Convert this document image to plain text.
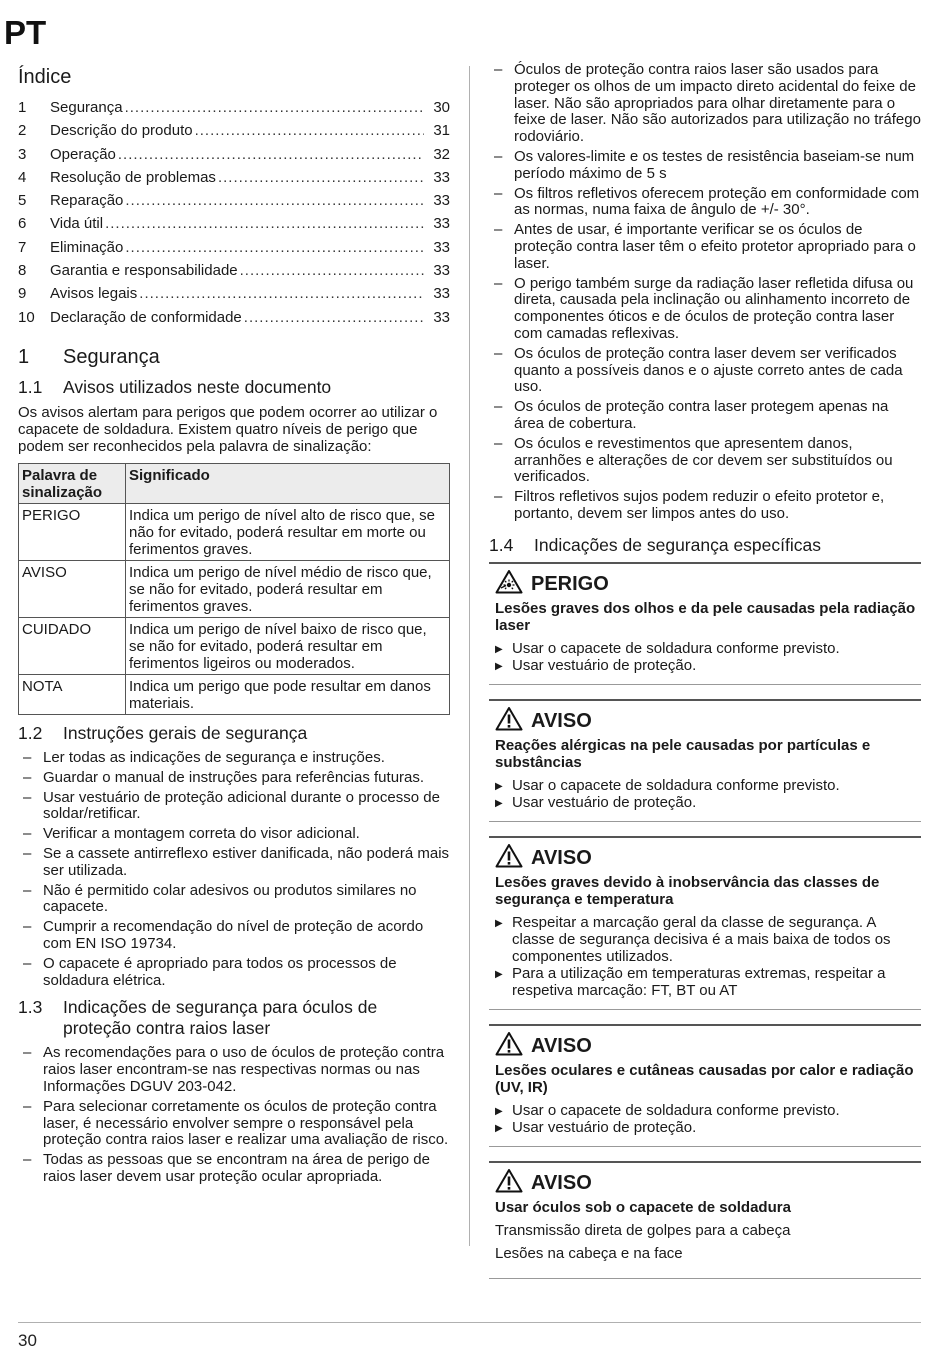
PT
Índice
1	Segurança .....	30
2	Descrição do produto .....	31
3	Operação .....	32
4	Resolução de problemas .....	33
5	Reparação .....	33
6	Vida útil .....	33
7	Eliminação .....	33
8	Garantia e responsabilidade .....	33
9	Avisos legais .....	33
10	Declaração de conformidade .....	33
1	Segurança
1.1	Avisos utilizados neste documento

Os avisos alertam para perigos que podem ocorrer ao utilizar o capacete de soldadura. Existem quatro níveis de perigo que podem ser reconhecidos pela palavra de sinalização:

Palavra de sinalização	Significado
PERIGO	Indica um perigo de nível alto de risco que, se não for evitado, poderá resultar em morte ou ferimentos graves.
AVISO	Indica um perigo de nível médio de risco que, se não for evitado, poderá resultar em ferimentos graves.
CUIDADO	Indica um perigo de nível baixo de risco que, se não for evitado, poderá resultar em ferimentos ligeiros ou moderados.
NOTA	Indica um perigo que pode resultar em danos materiais.
1.2	Instruções gerais de segurança
– Ler todas as indicações de segurança e instruções.
– Guardar o manual de instruções para referências futuras.
– Usar vestuário de proteção adicional durante o processo de soldar/retificar.
– Verificar a montagem correta do visor adicional.
– Se a cassete antirreflexo estiver danificada, não poderá mais ser utilizada.
– Não é permitido colar adesivos ou produtos similares no capacete.
– Cumprir a recomendação do nível de proteção de acordo com EN ISO 19734.
– O capacete é apropriado para todos os processos de soldadura elétrica.
1.3	Indicações de segurança para óculos de proteção contra raios laser
– As recomendações para o uso de óculos de proteção contra raios laser encontram-se nas respectivas normas ou nas Informações DGUV 203-042.
– Para selecionar corretamente os óculos de proteção contra laser, é necessário envolver sempre o responsável pela proteção contra raios laser e realizar uma avaliação de risco.
– Todas as pessoas que se encontram na área de perigo de raios laser devem usar proteção ocular apropriada.
– Óculos de proteção contra raios laser são usados para proteger os olhos de um impacto direto acidental do feixe de laser. Não são apropriados para olhar diretamente para o feixe de laser. Não são autorizados para utilização no tráfego rodoviário.
– Os valores-limite e os testes de resistência baseiam-se num período máximo de 5 s
– Os filtros refletivos oferecem proteção em conformidade com as normas, numa faixa de ângulo de +/- 30°.
– Antes de usar, é importante verificar se os óculos de proteção contra laser têm o efeito protetor apropriado para o laser.
– O perigo também surge da radiação laser refletida difusa ou direta, causada pela inclinação ou alinhamento incorreto de componentes óticos e de óculos de proteção contra laser com camadas reflexivas.
– Os óculos de proteção contra laser devem ser verificados quanto a possíveis danos e o ajuste correto antes de cada uso.
– Os óculos de proteção contra laser protegem apenas na área de cobertura.
– Os óculos e revestimentos que apresentem danos, arranhões e alterações de cor devem ser substituídos ou verificados.
– Filtros refletivos sujos podem reduzir o efeito protetor e, portanto, devem ser limpos antes do uso.
1.4	Indicações de segurança específicas
PERIGO
Lesões graves dos olhos e da pele causadas pela radiação laser
▶ Usar o capacete de soldadura conforme previsto.
▶ Usar vestuário de proteção.
AVISO
Reações alérgicas na pele causadas por partículas e substâncias
▶ Usar o capacete de soldadura conforme previsto.
▶ Usar vestuário de proteção.
AVISO
Lesões graves devido à inobservância das classes de segurança e temperatura
▶ Respeitar a marcação geral da classe de segurança. A classe de segurança decisiva é a mais baixa de todos os componentes utilizados.
▶ Para a utilização em temperaturas extremas, respeitar a respetiva marcação: FT, BT ou AT
AVISO
Lesões oculares e cutâneas causadas por calor e radiação (UV, IR)
▶ Usar o capacete de soldadura conforme previsto.
▶ Usar vestuário de proteção.
AVISO
Usar óculos sob o capacete de soldadura
Transmissão direta de golpes para a cabeça
Lesões na cabeça e na face
30
